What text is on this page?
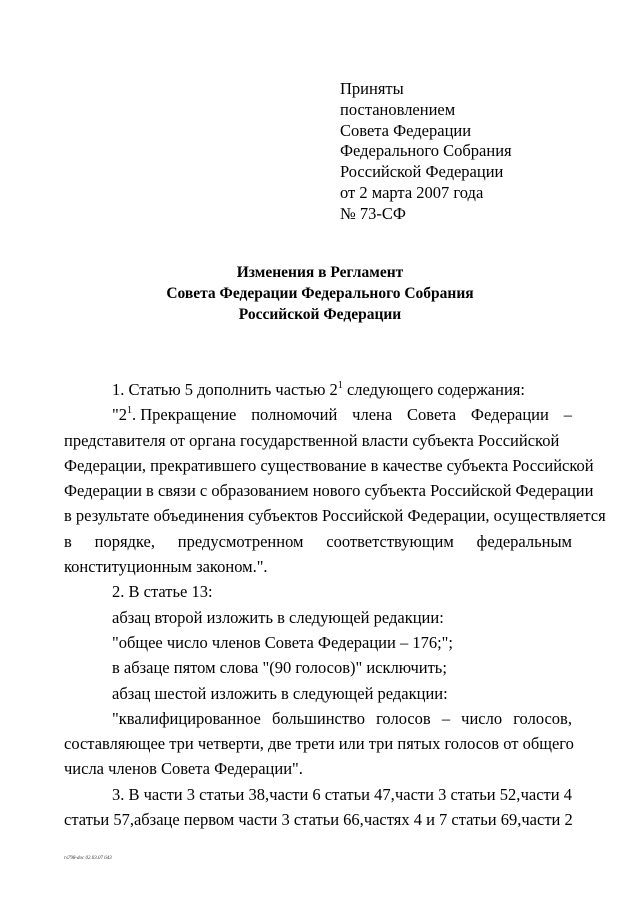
Приняты
постановлением
Совета Федерации
Федерального Собрания
Российской Федерации
от 2 марта 2007 года
№ 73-СФ
Изменения в Регламент
Совета Федерации Федерального Собрания
Российской Федерации
1. Статью 5 дополнить частью $2^1$ следующего содержания:
"$2^1$. Прекращение полномочий члена Совета Федерации –
представителя от органа государственной власти субъекта Российской
Федерации, прекратившего существование в качестве субъекта Российской
Федерации в связи с образованием нового субъекта Российской Федерации
в результате объединения субъектов Российской Федерации, осуществляется
в порядке, предусмотренном соответствующим федеральным
конституционным законом.".
2. В статье 13:
абзац второй изложить в следующей редакции:
"общее число членов Совета Федерации – 176;";
в абзаце пятом слова "(90 голосов)" исключить;
абзац шестой изложить в следующей редакции:
"квалифицированное большинство голосов – число голосов,
составляющее три четверти, две трети или три пятых голосов от общего
числа членов Совета Федерации".
3. В части 3 статьи 38, части 6 статьи 47, части 3 статьи 52, части 4
статьи 57, абзаце первом части 3 статьи 66, частях 4 и 7 статьи 69, части 2
rs798-doc 02.03.07 643
